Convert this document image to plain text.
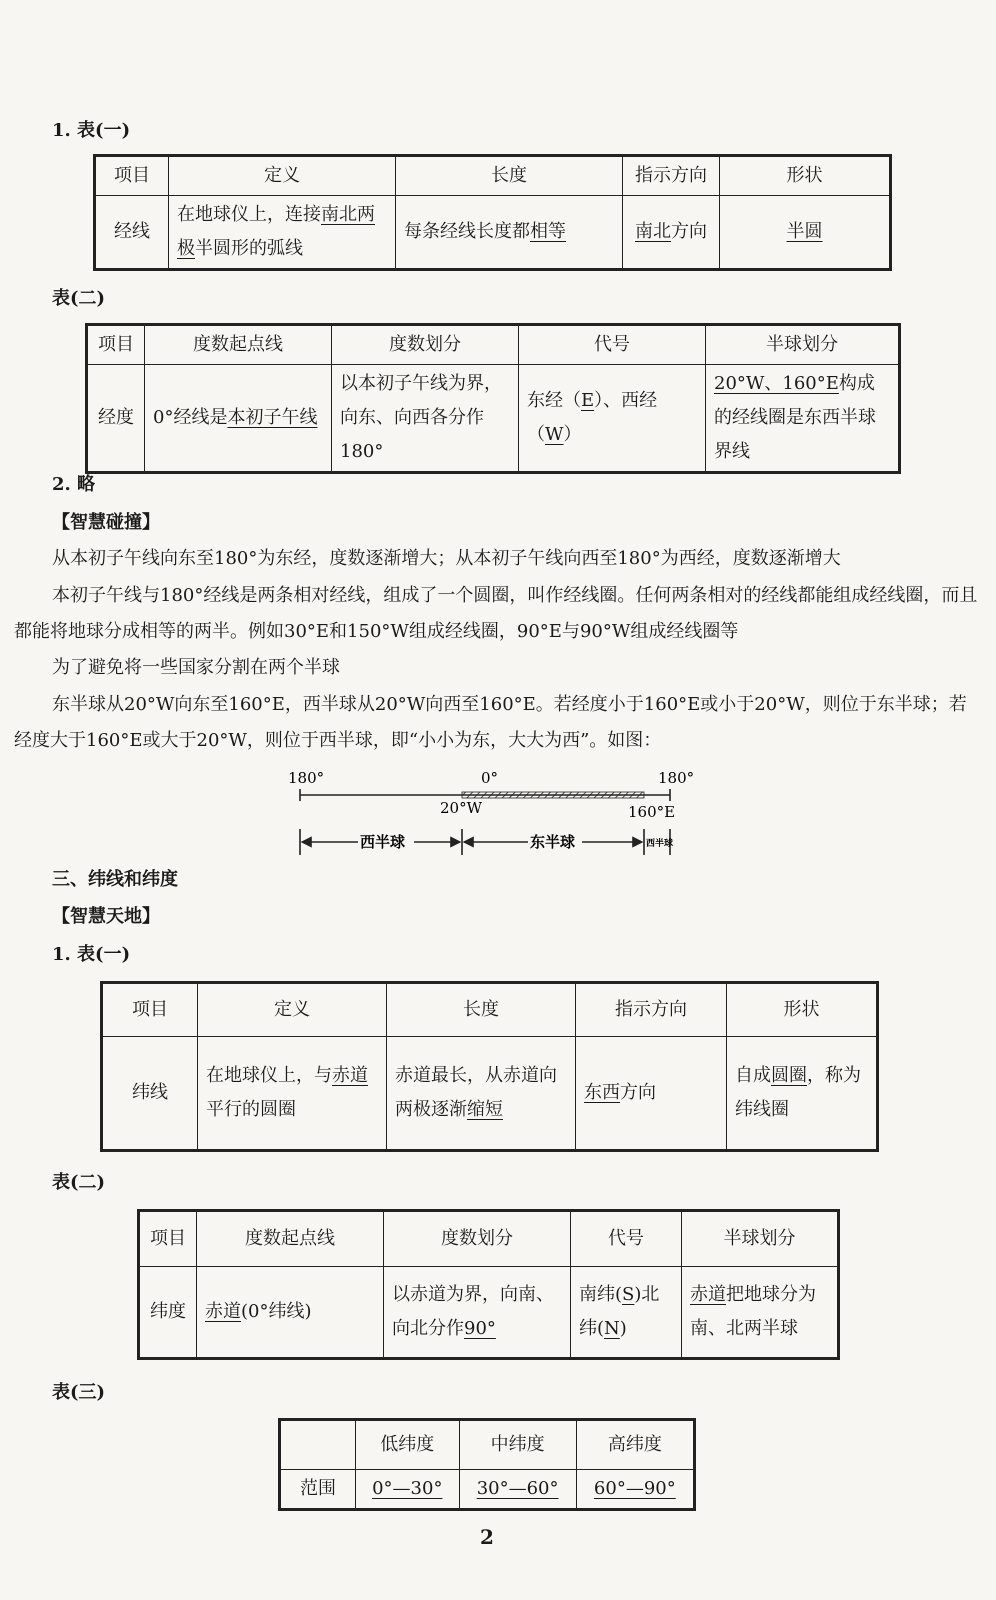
1. 表(一)
项目	定义	长度	指示方向	形状
经线	在地球仪上，连接南北两极半圆形的弧线	每条经线长度都相等	南北方向	半圆
表(二)
项目	度数起点线	度数划分	代号	半球划分
经度	0°经线是本初子午线	以本初子午线为界，向东、向西各分作180°	东经（E）、西经（W）	20°W、160°E构成的经线圈是东西半球界线
2. 略
【智慧碰撞】
从本初子午线向东至180°为东经，度数逐渐增大；从本初子午线向西至180°为西经，度数逐渐增大
本初子午线与180°经线是两条相对经线，组成了一个圆圈，叫作经线圈。任何两条相对的经线都能组成经线圈，而且都能将地球分成相等的两半。例如30°E和150°W组成经线圈，90°E与90°W组成经线圈等
为了避免将一些国家分割在两个半球
东半球从20°W向东至160°E，西半球从20°W向西至160°E。若经度小于160°E或小于20°W，则位于东半球；若经度大于160°E或大于20°W，则位于西半球，即“小小为东，大大为西”。如图：
180°	0°	180°
20°W	160°E
西半球	东半球	西半球
三、纬线和纬度
【智慧天地】
1. 表(一)
项目	定义	长度	指示方向	形状
纬线	在地球仪上，与赤道平行的圆圈	赤道最长，从赤道向两极逐渐缩短	东西方向	自成圆圈，称为纬线圈
表(二)
项目	度数起点线	度数划分	代号	半球划分
纬度	赤道(0°纬线)	以赤道为界，向南、向北分作90°	南纬(S)北纬(N)	赤道把地球分为南、北两半球
表(三)
	低纬度	中纬度	高纬度
范围	0°—30°	30°—60°	60°—90°
2
